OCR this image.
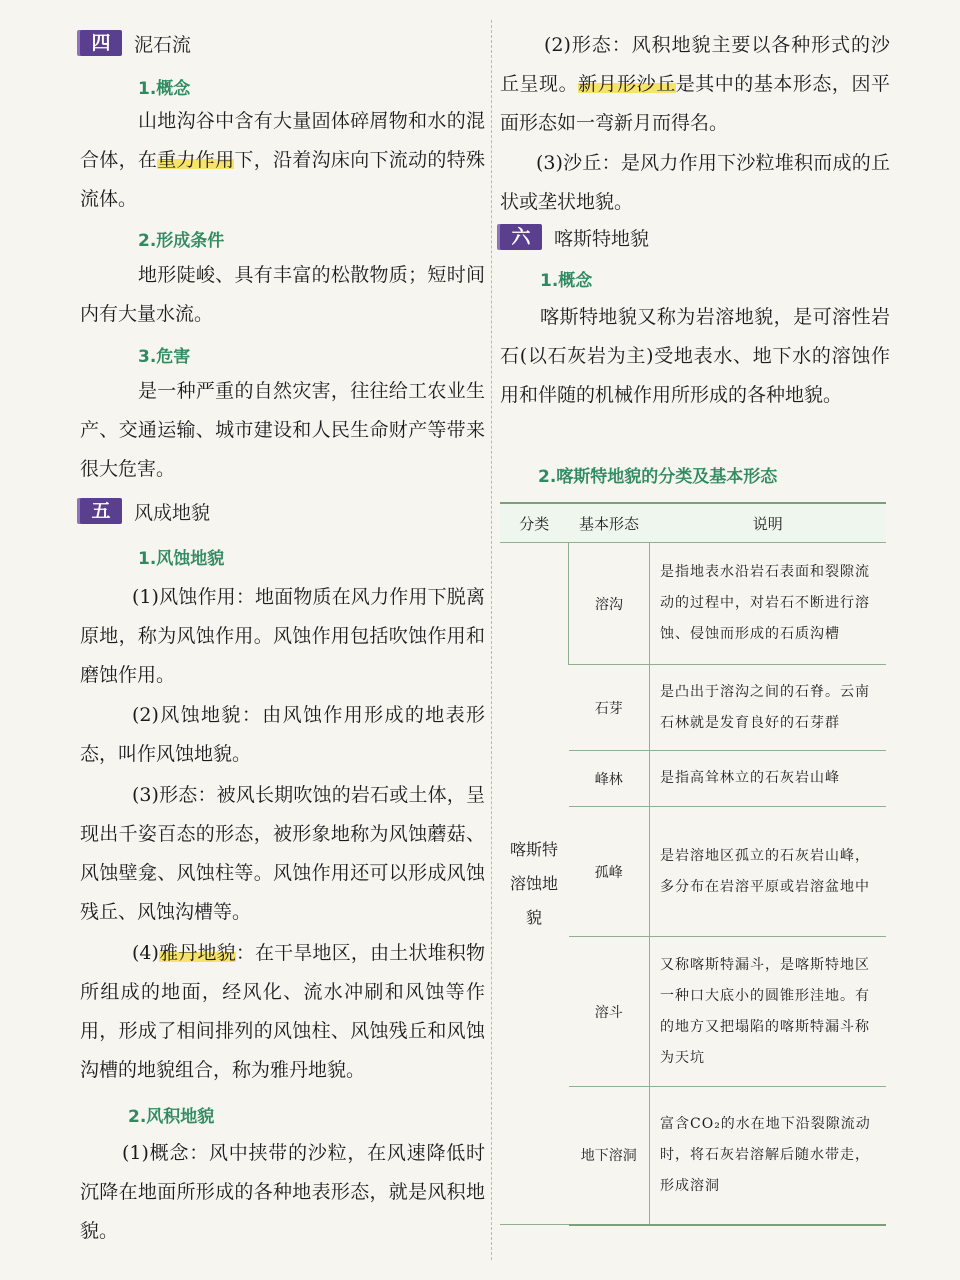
四	泥石流
1.概念
山地沟谷中含有大量固体碎屑物和水的混合体，在重力作用下，沿着沟床向下流动的特殊流体。
2.形成条件
地形陡峻、具有丰富的松散物质；短时间内有大量水流。
3.危害
是一种严重的自然灾害，往往给工农业生产、交通运输、城市建设和人民生命财产等带来很大危害。
五	风成地貌
1.风蚀地貌
(1)风蚀作用：地面物质在风力作用下脱离原地，称为风蚀作用。风蚀作用包括吹蚀作用和磨蚀作用。
(2)风蚀地貌：由风蚀作用形成的地表形态，叫作风蚀地貌。
(3)形态：被风长期吹蚀的岩石或土体，呈现出千姿百态的形态，被形象地称为风蚀蘑菇、风蚀壁龛、风蚀柱等。风蚀作用还可以形成风蚀残丘、风蚀沟槽等。
(4)雅丹地貌：在干旱地区，由土状堆积物所组成的地面，经风化、流水冲刷和风蚀等作用，形成了相间排列的风蚀柱、风蚀残丘和风蚀沟槽的地貌组合，称为雅丹地貌。
2.风积地貌
(1)概念：风中挟带的沙粒，在风速降低时沉降在地面所形成的各种地表形态，就是风积地貌。
(2)形态：风积地貌主要以各种形式的沙丘呈现。新月形沙丘是其中的基本形态，因平面形态如一弯新月而得名。
(3)沙丘：是风力作用下沙粒堆积而成的丘状或垄状地貌。
六	喀斯特地貌
1.概念
喀斯特地貌又称为岩溶地貌，是可溶性岩石(以石灰岩为主)受地表水、地下水的溶蚀作用和伴随的机械作用所形成的各种地貌。
2.喀斯特地貌的分类及基本形态
分类	基本形态	说明

喀斯特溶蚀地貌	溶沟	是指地表水沿岩石表面和裂隙流动的过程中，对岩石不断进行溶蚀、侵蚀而形成的石质沟槽
	石芽	是凸出于溶沟之间的石脊。云南石林就是发育良好的石芽群
	峰林	是指高耸林立的石灰岩山峰
	孤峰	是岩溶地区孤立的石灰岩山峰，多分布在岩溶平原或岩溶盆地中
	溶斗	又称喀斯特漏斗，是喀斯特地区一种口大底小的圆锥形洼地。有的地方又把塌陷的喀斯特漏斗称为天坑
	地下溶洞	富含CO₂的水在地下沿裂隙流动时，将石灰岩溶解后随水带走，形成溶洞
